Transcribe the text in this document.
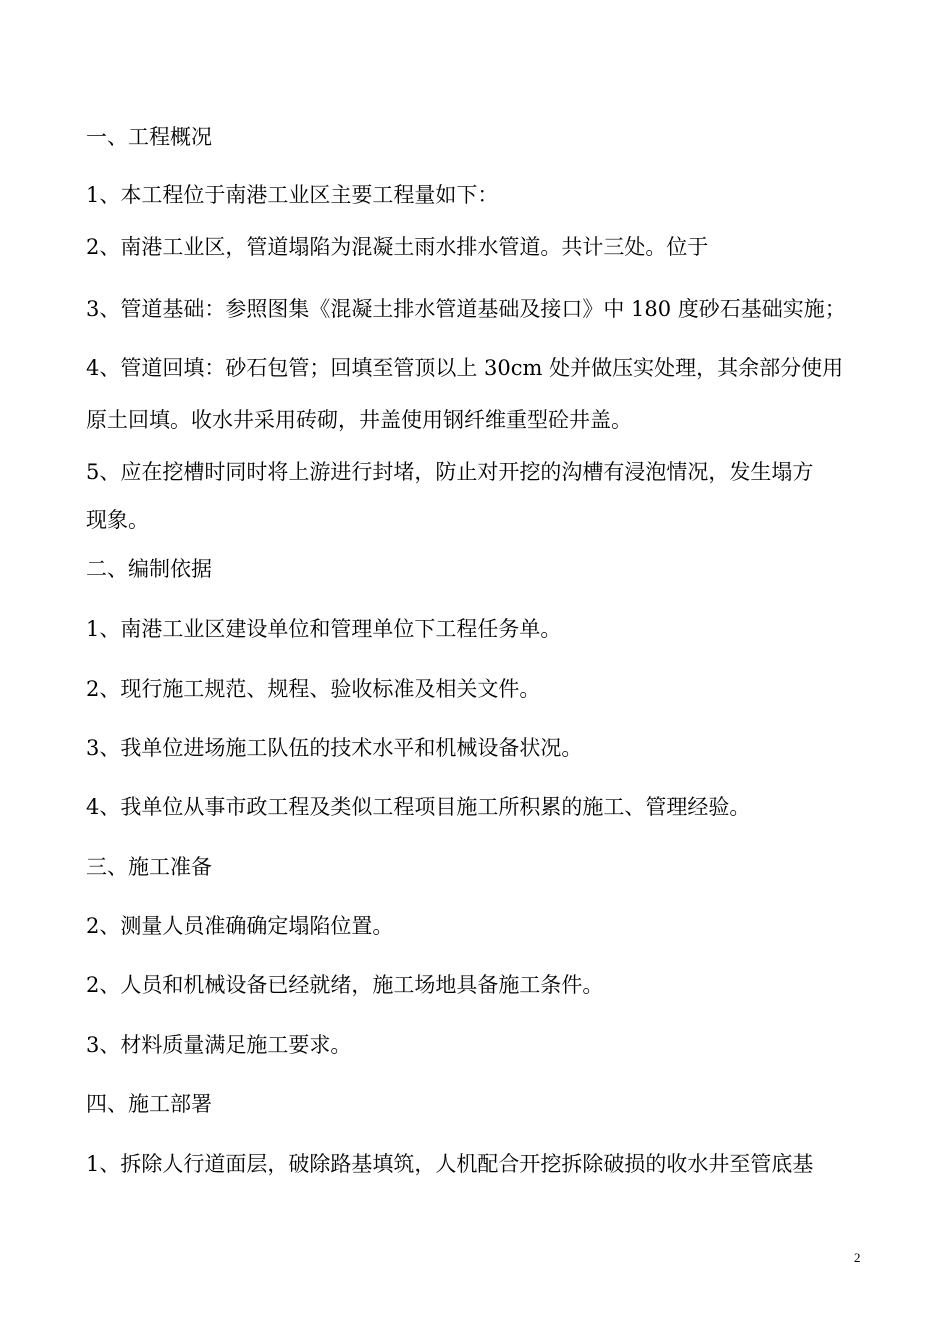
一、工程概况
1、本工程位于南港工业区主要工程量如下：
2、南港工业区，管道塌陷为混凝土雨水排水管道。共计三处。位于
3、管道基础：参照图集《混凝土排水管道基础及接口》中 180 度砂石基础实施；
4、管道回填：砂石包管；回填至管顶以上 30cm 处并做压实处理，其余部分使用
原土回填。收水井采用砖砌，井盖使用钢纤维重型砼井盖。
5、应在挖槽时同时将上游进行封堵，防止对开挖的沟槽有浸泡情况，发生塌方
现象。
二、编制依据
1、南港工业区建设单位和管理单位下工程任务单。
2、现行施工规范、规程、验收标准及相关文件。
3、我单位进场施工队伍的技术水平和机械设备状况。
4、我单位从事市政工程及类似工程项目施工所积累的施工、管理经验。
三、施工准备
2、测量人员准确确定塌陷位置。
2、人员和机械设备已经就绪，施工场地具备施工条件。
3、材料质量满足施工要求。
四、施工部署
1、拆除人行道面层，破除路基填筑，人机配合开挖拆除破损的收水井至管底基
2
